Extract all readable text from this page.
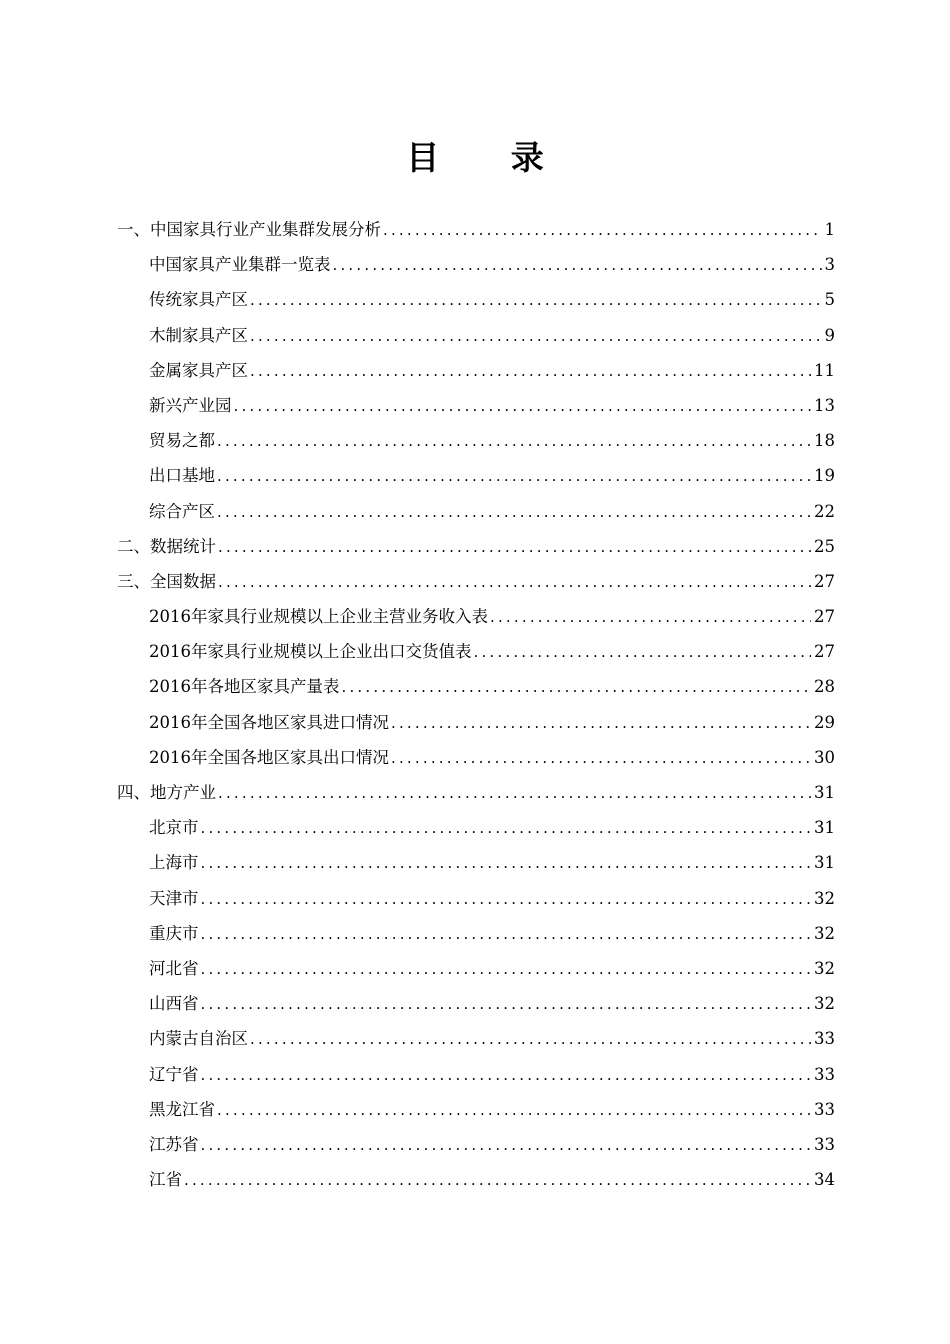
目 录
一、中国家具行业产业集群发展分析 .....	1
中国家具产业集群一览表 .....	3
传统家具产区 .....	5
木制家具产区 .....	9
金属家具产区 .....	11
新兴产业园 .....	13
贸易之都 .....	18
出口基地 .....	19
综合产区 .....	22
二、数据统计 .....	25
三、全国数据 .....	27
2016年家具行业规模以上企业主营业务收入表 .....	27
2016年家具行业规模以上企业出口交货值表 .....	27
2016年各地区家具产量表 .....	28
2016年全国各地区家具进口情况 .....	29
2016年全国各地区家具出口情况 .....	30
四、地方产业 .....	31
北京市 .....	31
上海市 .....	31
天津市 .....	32
重庆市 .....	32
河北省 .....	32
山西省 .....	32
内蒙古自治区 .....	33
辽宁省 .....	33
黑龙江省 .....	33
江苏省 .....	33
江省 .....	34
